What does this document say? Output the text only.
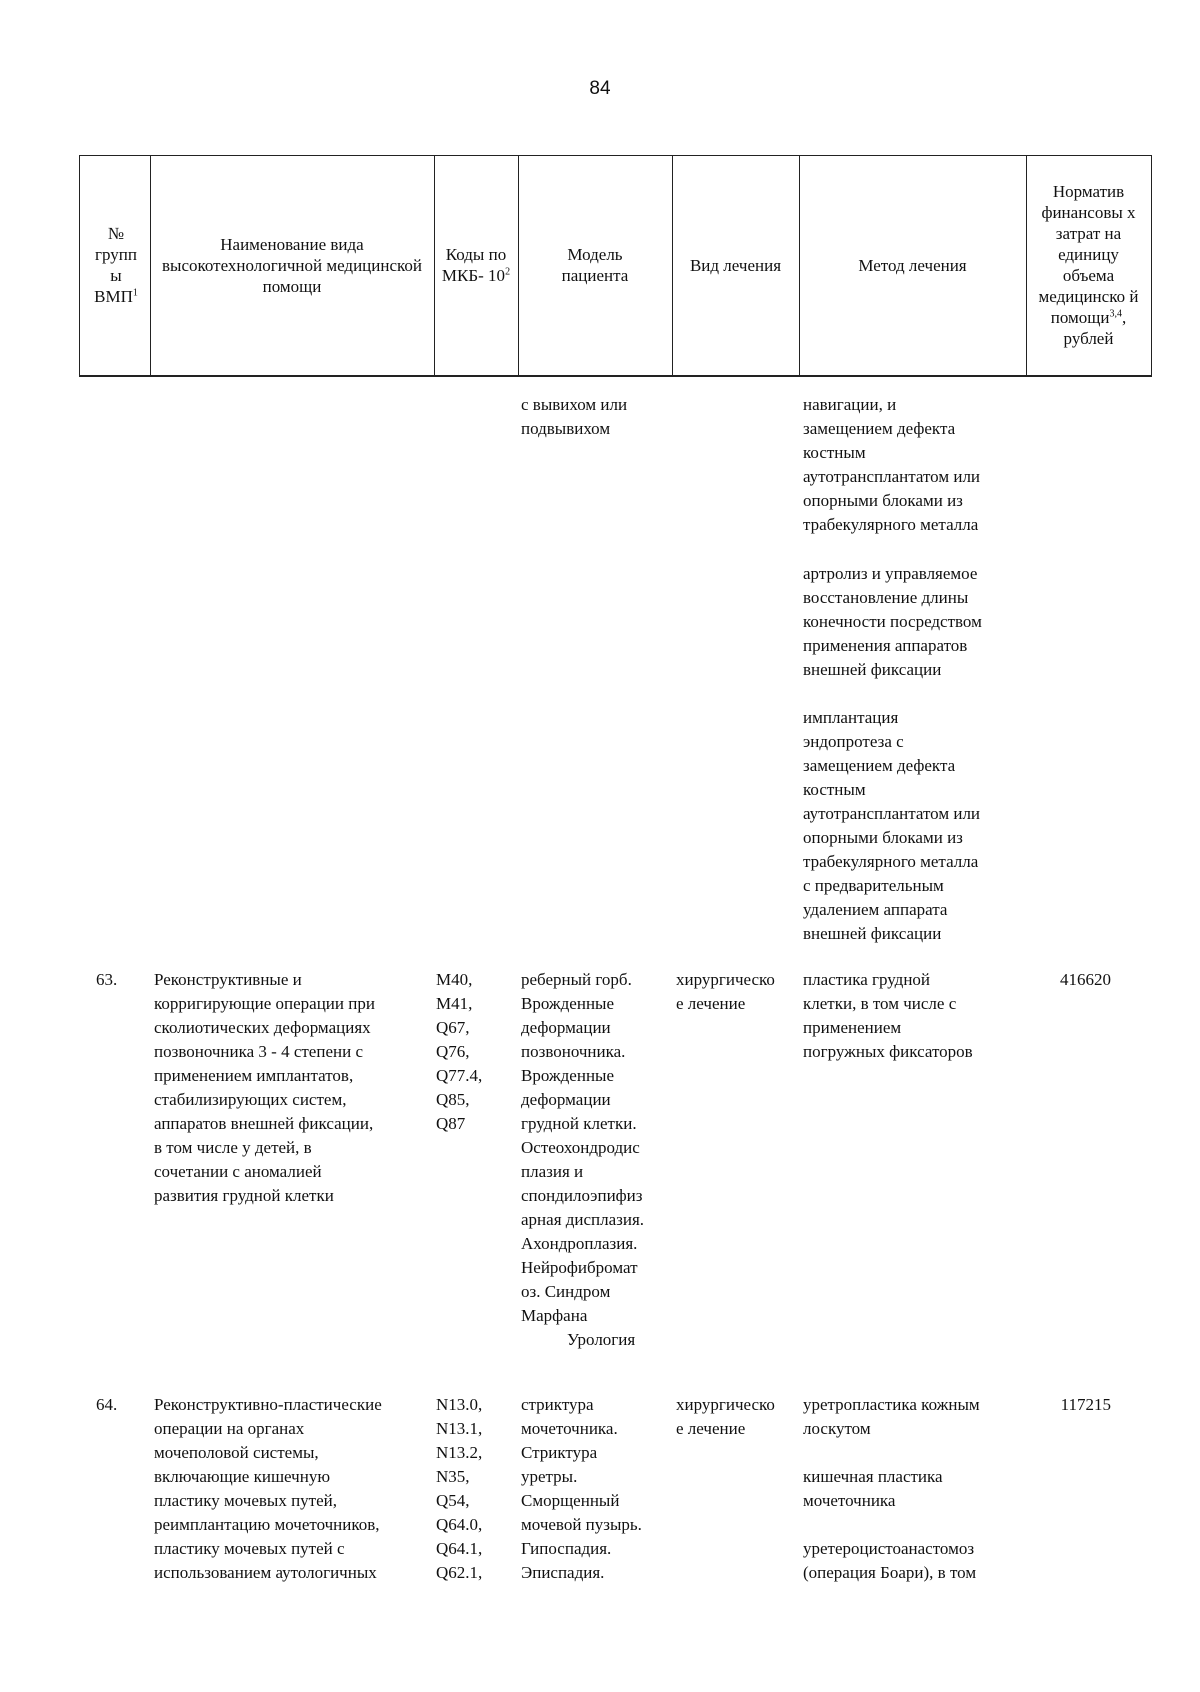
84
№ групп ы ВМП$^1$
Наименование вида высокотехнологичной медицинской помощи
Коды по МКБ- $10^2$
Модель пациента
Вид лечения	Метод лечения
Норматив финансовы х затрат на единицу объема медицинско й помощи$^{3,4}$, рублей
с вывихом или
подвывихом
навигации, и
замещением дефекта
костным
аутотрансплантатом или
опорными блоками из
трабекулярного металла
артролиз и управляемое
восстановление длины
конечности посредством
применения аппаратов
внешней фиксации
имплантация
эндопротеза с
замещением дефекта
костным
аутотрансплантатом или
опорными блоками из
трабекулярного металла
с предварительным
удалением аппарата
внешней фиксации
63. Реконструктивные и
корригирующие операции при
сколиотических деформациях
позвоночника 3 - 4 степени с
применением имплантатов,
стабилизирующих систем,
аппаратов внешней фиксации,
в том числе у детей, в
сочетании с аномалией
развития грудной клетки
M40,
M41,
Q67,
Q76,
Q77.4,
Q85,
Q87
реберный горб.
Врожденные
деформации
позвоночника.
Врожденные
деформации
грудной клетки.
Остеохондродис
плазия и
спондилоэпифиз
арная дисплазия.
Ахондроплазия.
Нейрофибромат
оз. Синдром
Марфана
хирургическо
е лечение
пластика грудной
клетки, в том числе с
применением
погружных фиксаторов
416620
Урология
64. Реконструктивно-пластические
операции на органах
мочеполовой системы,
включающие кишечную
пластику мочевых путей,
реимплантацию мочеточников,
пластику мочевых путей с
использованием аутологичных
N13.0,
N13.1,
N13.2,
N35,
Q54,
Q64.0,
Q64.1,
Q62.1,
стриктура
мочеточника.
Стриктура
уретры.
Сморщенный
мочевой пузырь.
Гипоспадия.
Эписпадия.
хирургическо
е лечение
уретропластика кожным
лоскутом
кишечная пластика
мочеточника
уретероцистоанастомоз
(операция Боари), в том
117215
